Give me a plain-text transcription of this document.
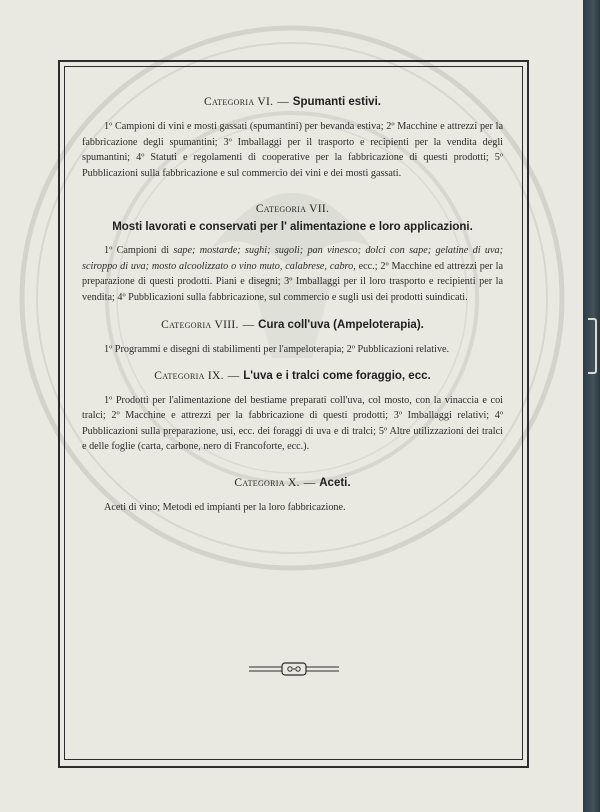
Categoria VI. — Spumanti estivi.
1º Campioni di vini e mosti gassati (spumantini) per bevanda estiva; 2º Macchine e attrezzi per la fabbricazione degli spumantini; 3º Imballaggi per il trasporto e recipienti per la vendita degli spumantini; 4º Statuti e regolamenti di cooperative per la fabbricazione di questi prodotti; 5º Pubblicazioni sulla fabbricazione e sul commercio dei vini e dei mosti gassati.
Categoria VII.
Mosti lavorati e conservati per l' alimentazione e loro applicazioni.
1º Campioni di sape; mostarde; sughi; sugoli; pan vinesco; dolci con sape; gelatine di uva; sciroppo di uva; mosto alcoolizzato o vino muto, calabrese, cabro, ecc.; 2º Macchine ed attrezzi per la preparazione di questi prodotti. Piani e disegni; 3º Imballaggi per il loro trasporto e recipienti per la vendita; 4º Pubblicazioni sulla fabbricazione, sul commercio e sugli usi dei prodotti suindicati.
Categoria VIII. — Cura coll'uva (Ampeloterapia).
1º Programmi e disegni di stabilimenti per l'ampeloterapia; 2º Pubblicazioni relative.
Categoria IX. — L'uva e i tralci come foraggio, ecc.
1º Prodotti per l'alimentazione del bestiame preparati coll'uva, col mosto, con la vinaccia e coi tralci; 2º Macchine e attrezzi per la fabbricazione di questi prodotti; 3º Imballaggi relativi; 4º Pubblicazioni sulla preparazione, usi, ecc. dei foraggi di uva e di tralci; 5º Altre utilizzazioni dei tralci e delle foglie (carta, carbone, nero di Francoforte, ecc.).
Categoria X. — Aceti.
Aceti di vino; Metodi ed impianti per la loro fabbricazione.
